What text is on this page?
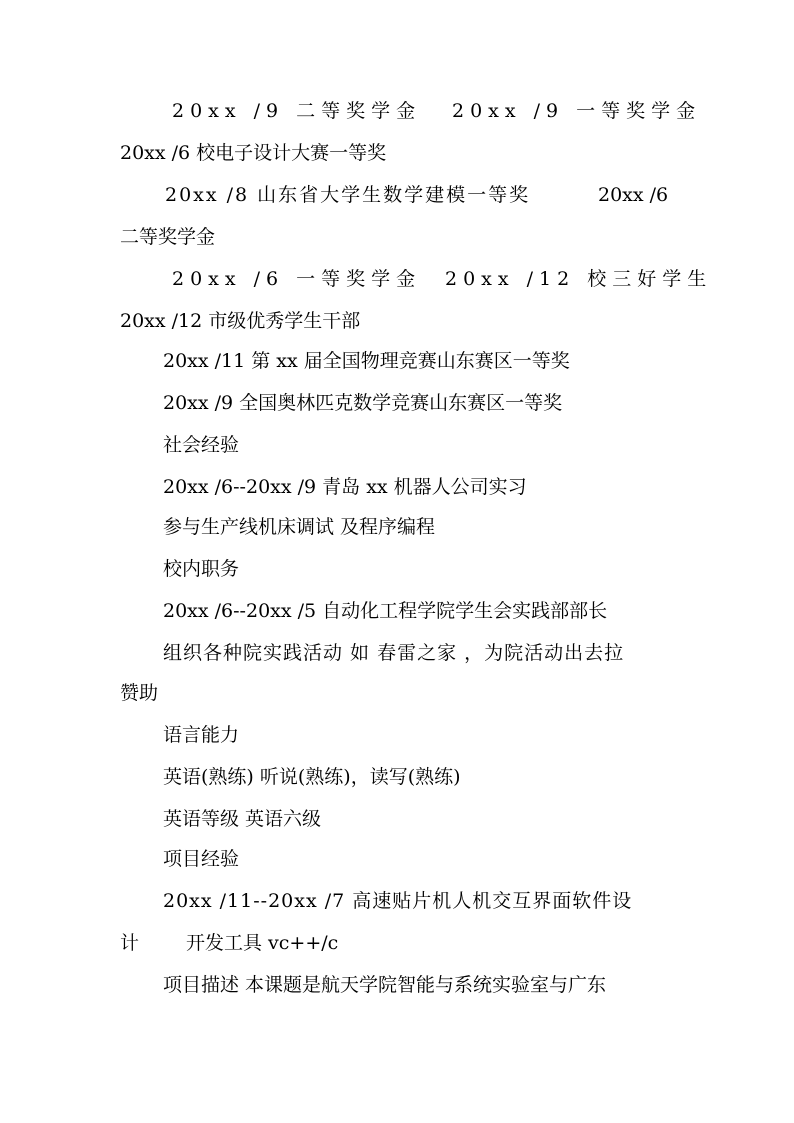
20xx /9 二等奖学金

20xx /9 一等奖学金

20xx /6 校电子设计大赛一等奖

20xx /8 山东省大学生数学建模一等奖

	20xx /6

二等奖学金

20xx /6 一等奖学金

20xx /12 校三好学生

20xx /12 市级优秀学生干部

20xx /11 第 xx 届全国物理竞赛山东赛区一等奖

20xx /9 全国奥林匹克数学竞赛山东赛区一等奖

社会经验

20xx /6--20xx /9 青岛 xx 机器人公司实习

参与生产线机床调试 及程序编程

校内职务

20xx /6--20xx /5 自动化工程学院学生会实践部部长

组织各种院实践活动 如 春雷之家 ，为院活动出去拉

赞助

语言能力

英语(熟练) 听说(熟练)，读写(熟练)

英语等级 英语六级

项目经验

20xx /11--20xx /7 高速贴片机人机交互界面软件设

计

开发工具 vc++/c

项目描述 本课题是航天学院智能与系统实验室与广东
